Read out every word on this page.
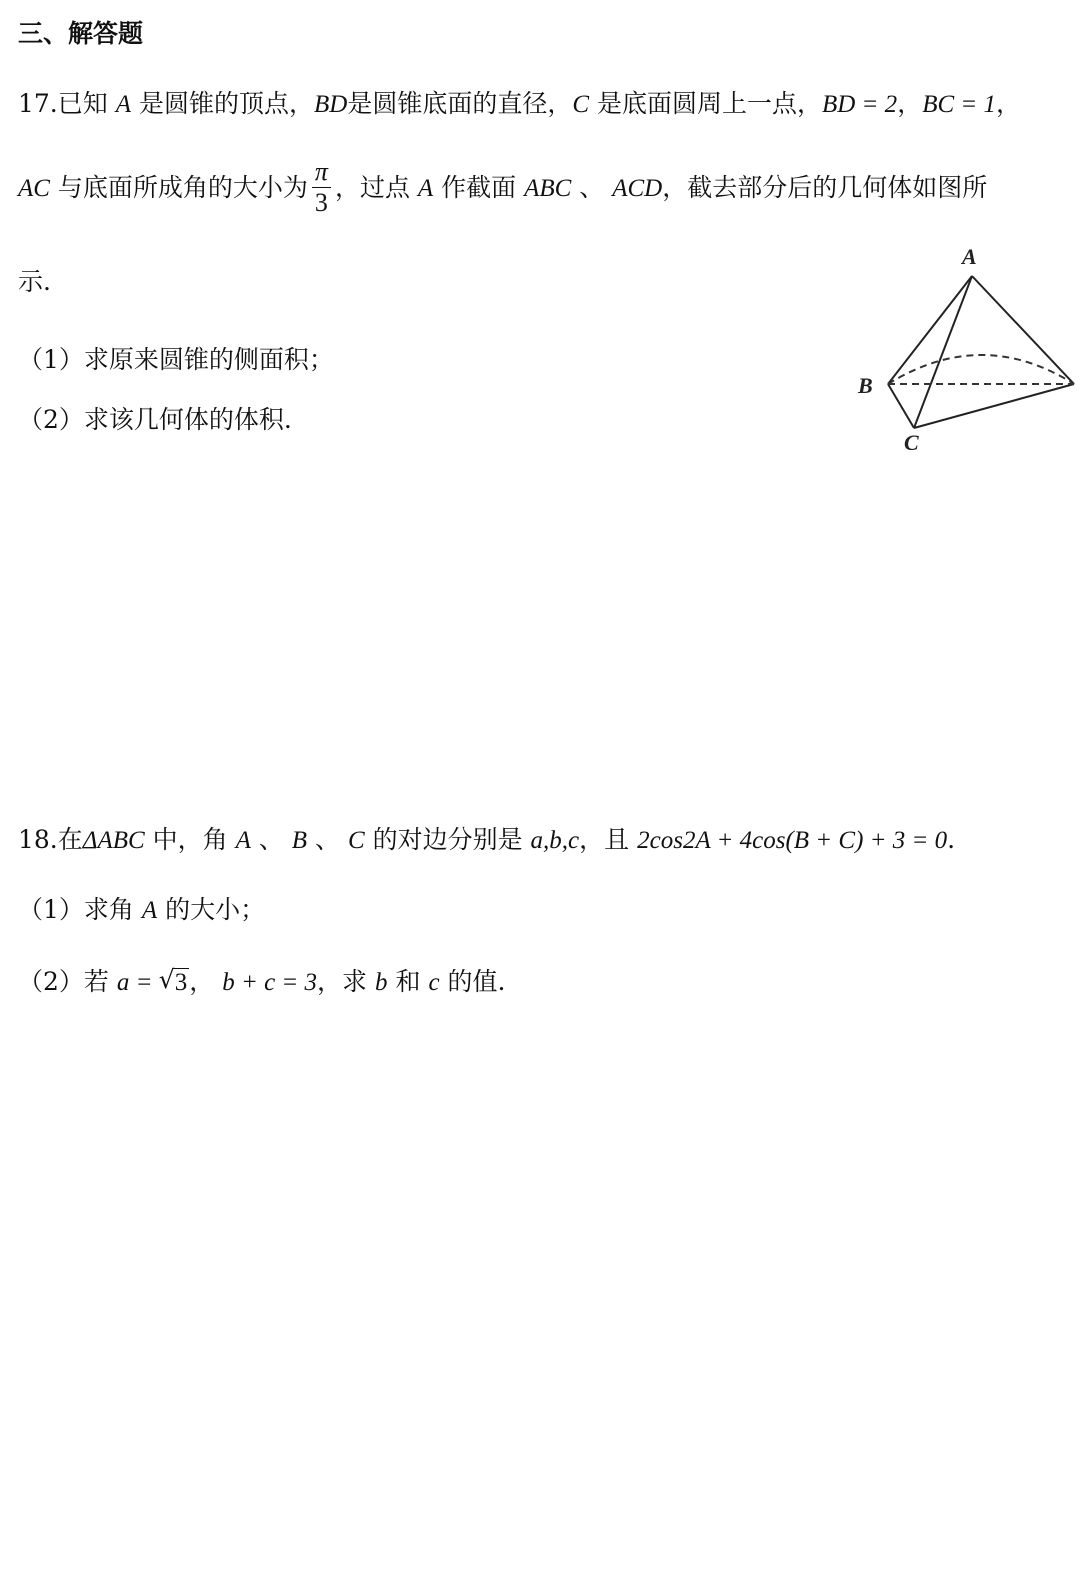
三、解答题
17.已知 A 是圆锥的顶点，BD是圆锥底面的直径，C 是底面圆周上一点，BD = 2，BC = 1，
AC 与底面所成角的大小为 $\frac{\pi}{3}$ ，过点 A 作截面 ABC 、 ACD，截去部分后的几何体如图所
示.
（1）求原来圆锥的侧面积；
（2）求该几何体的体积.
A
B
C
18.在ΔABC 中，角 A 、 B 、 C 的对边分别是 a,b,c，且 2cos2A + 4cos(B + C) + 3 = 0.
（1）求角 A 的大小；
（2）若 a = √ 3， b + c = 3，求 b 和 c 的值.
